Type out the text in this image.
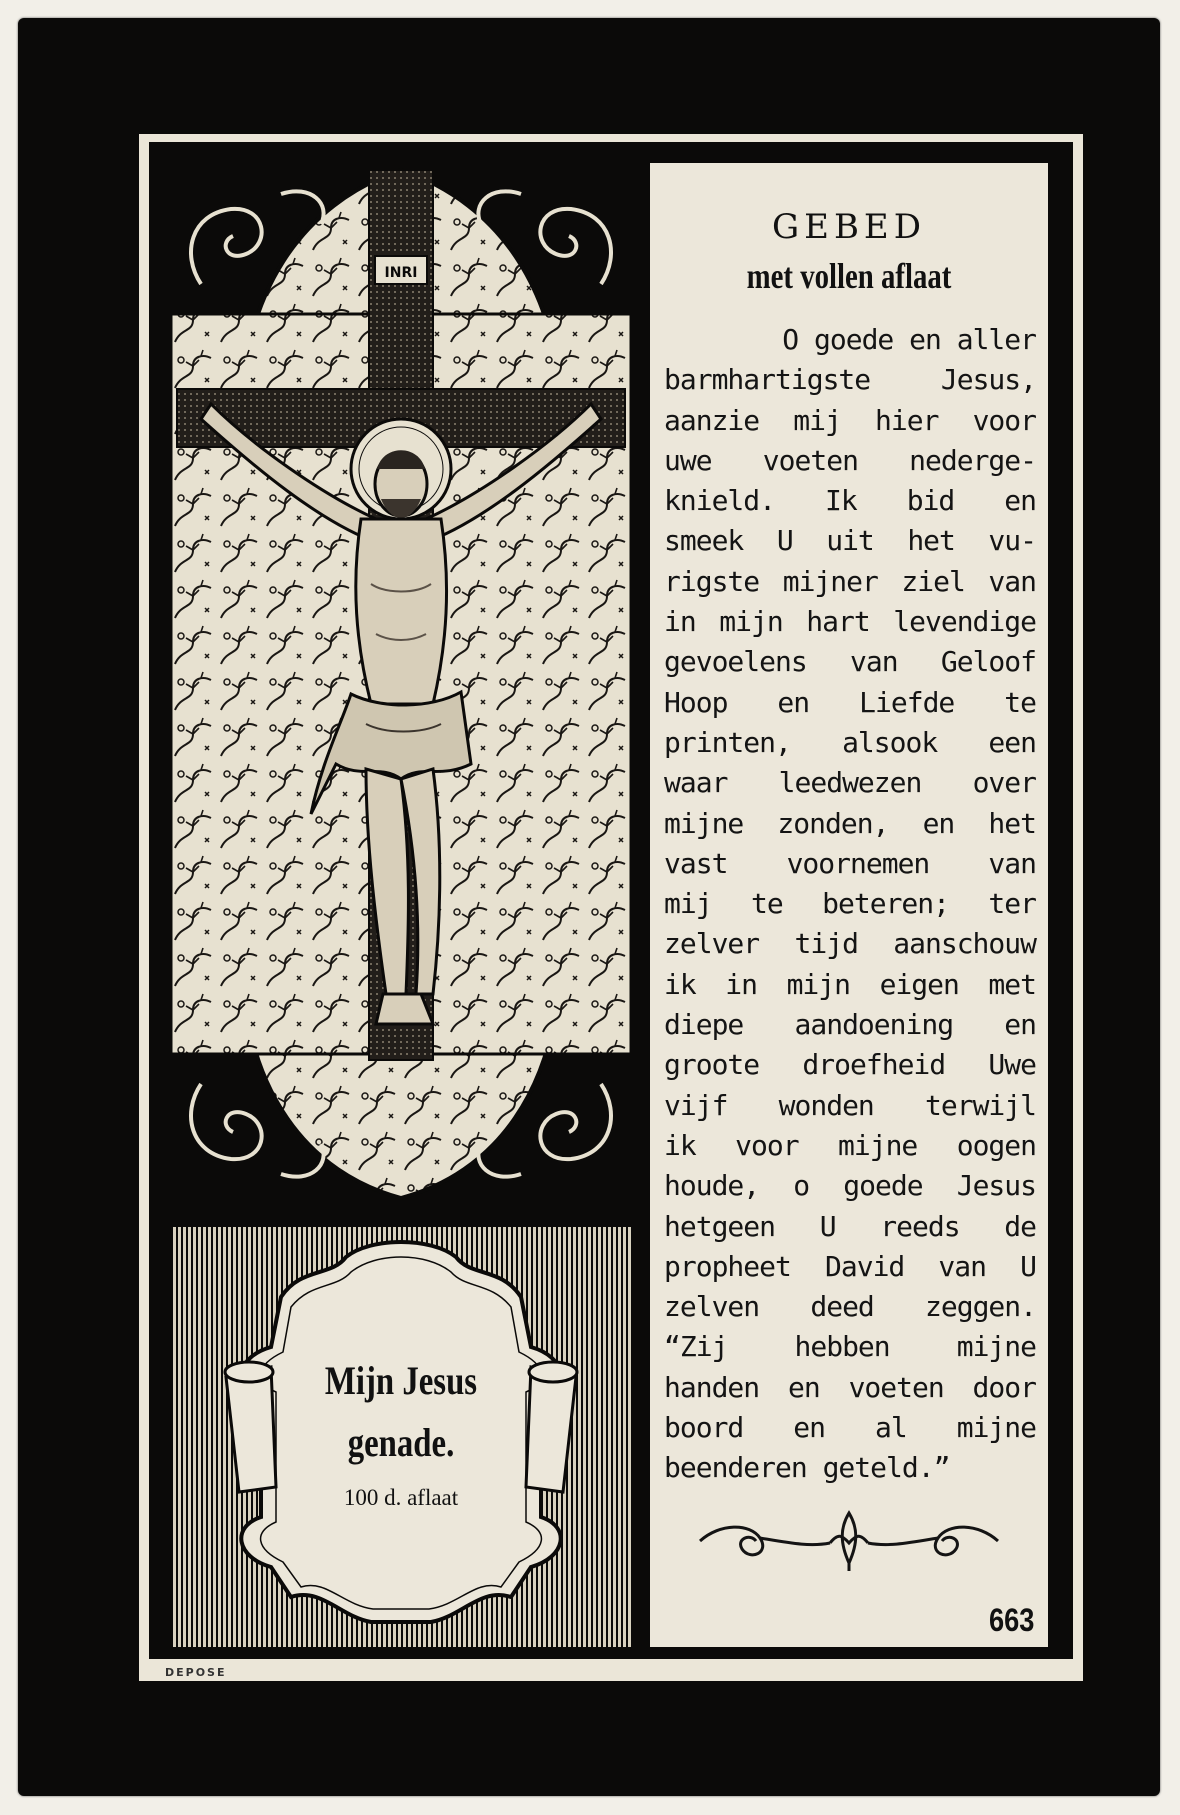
INRI
Mijn Jesus
genade.
100 d. aflaat
GEBED
met vollen aflaat
O goede en aller
barmhartigste Jesus,
aanzie mij hier voor
uwe voeten nederge-
knield. Ik bid en
smeek U uit het vu-
rigste mijner ziel van
in mijn hart levendige
gevoelens van Geloof
Hoop en Liefde te
printen, alsook een
waar leedwezen over
mijne zonden, en het
vast voornemen van
mij te beteren; ter
zelver tijd aanschouw
ik in mijn eigen met
diepe aandoening en
groote droefheid Uwe
vijf wonden terwijl
ik voor mijne oogen
houde, o goede Jesus
hetgeen U reeds de
propheet David van U
zelven deed zeggen.
“Zij hebben mijne
handen en voeten door
boord en al mijne
beenderen geteld.”
663
DEPOSE
